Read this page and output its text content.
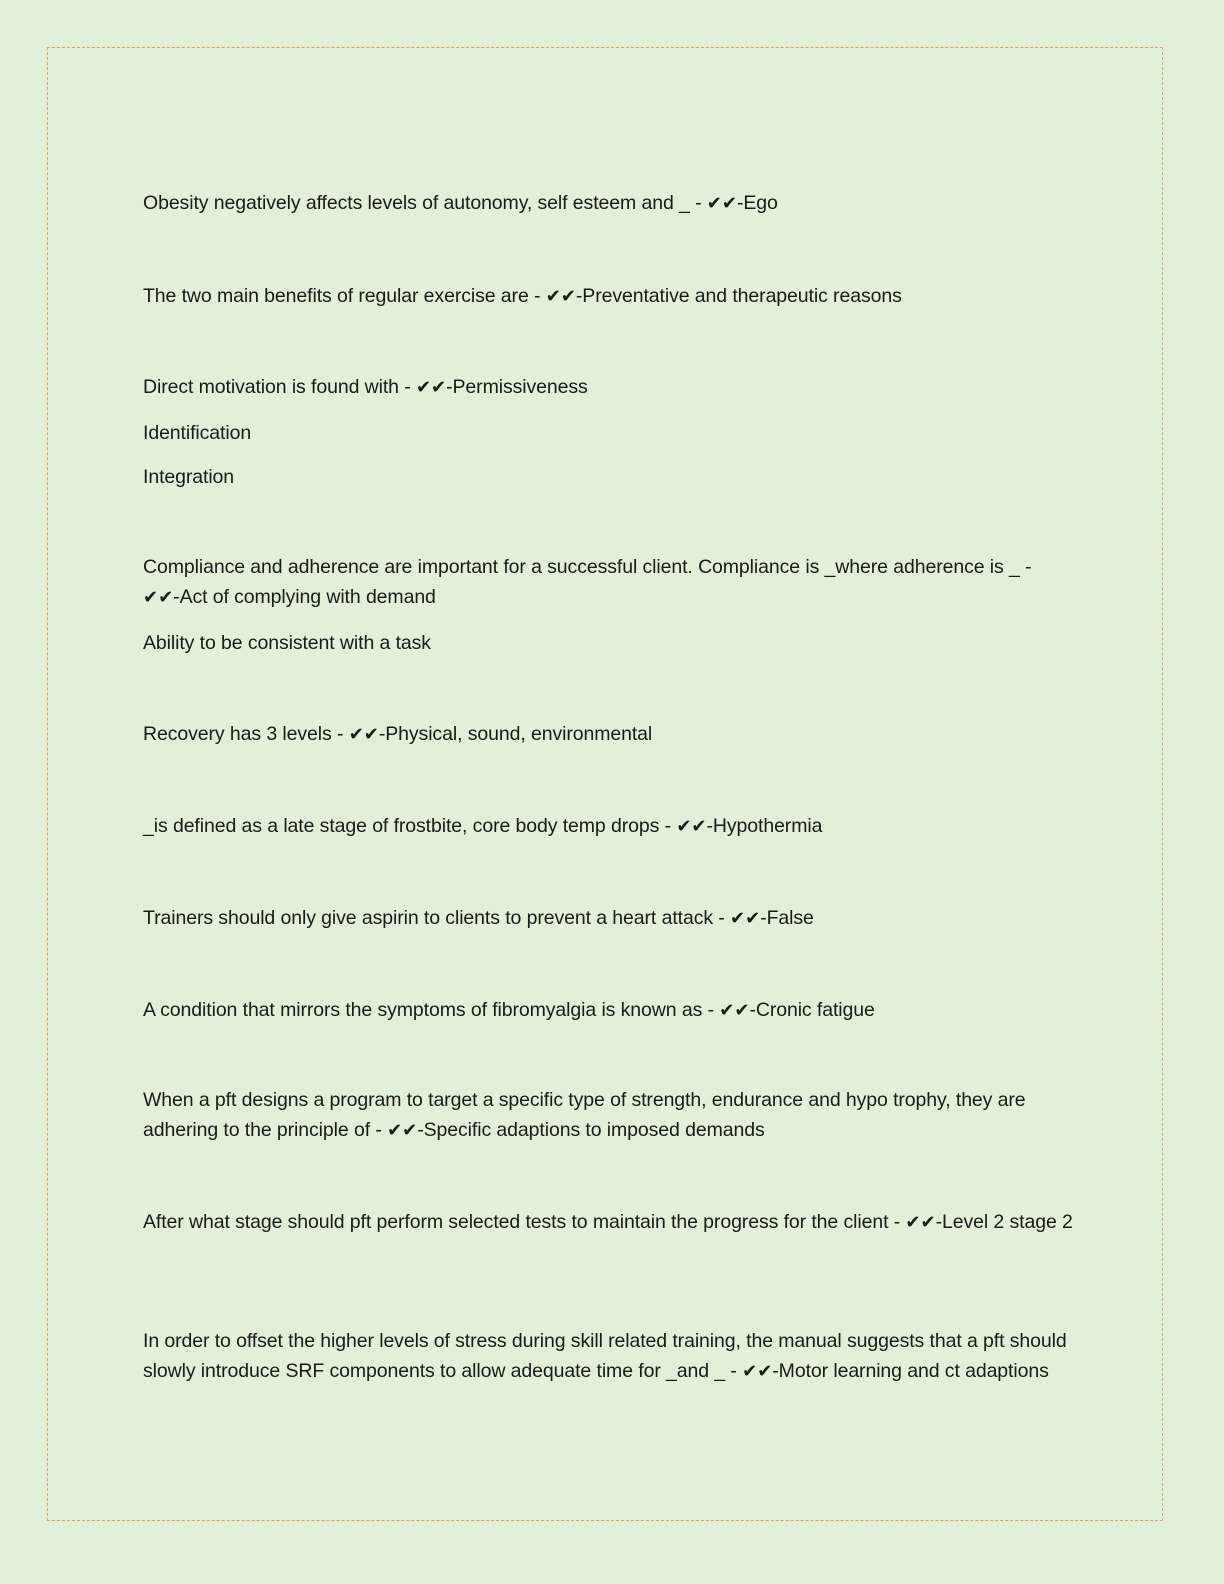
Obesity negatively affects levels of autonomy, self esteem and _ - ✔✔-Ego
The two main benefits of regular exercise are - ✔✔-Preventative and therapeutic reasons
Direct motivation is found with - ✔✔-Permissiveness
Identification
Integration
Compliance and adherence are important for a successful client. Compliance is _where adherence is _ - ✔✔-Act of complying with demand
Ability to be consistent with a task
Recovery has 3 levels - ✔✔-Physical, sound, environmental
_is defined as a late stage of frostbite, core body temp drops - ✔✔-Hypothermia
Trainers should only give aspirin to clients to prevent a heart attack - ✔✔-False
A condition that mirrors the symptoms of fibromyalgia is known as - ✔✔-Cronic fatigue
When a pft designs a program to target a specific type of strength, endurance and hypo trophy, they are adhering to the principle of - ✔✔-Specific adaptions to imposed demands
After what stage should pft perform selected tests to maintain the progress for the client - ✔✔-Level 2 stage 2
In order to offset the higher levels of stress during skill related training, the manual suggests that a pft should slowly introduce SRF components to allow adequate time for _and _ - ✔✔-Motor learning and ct adaptions
